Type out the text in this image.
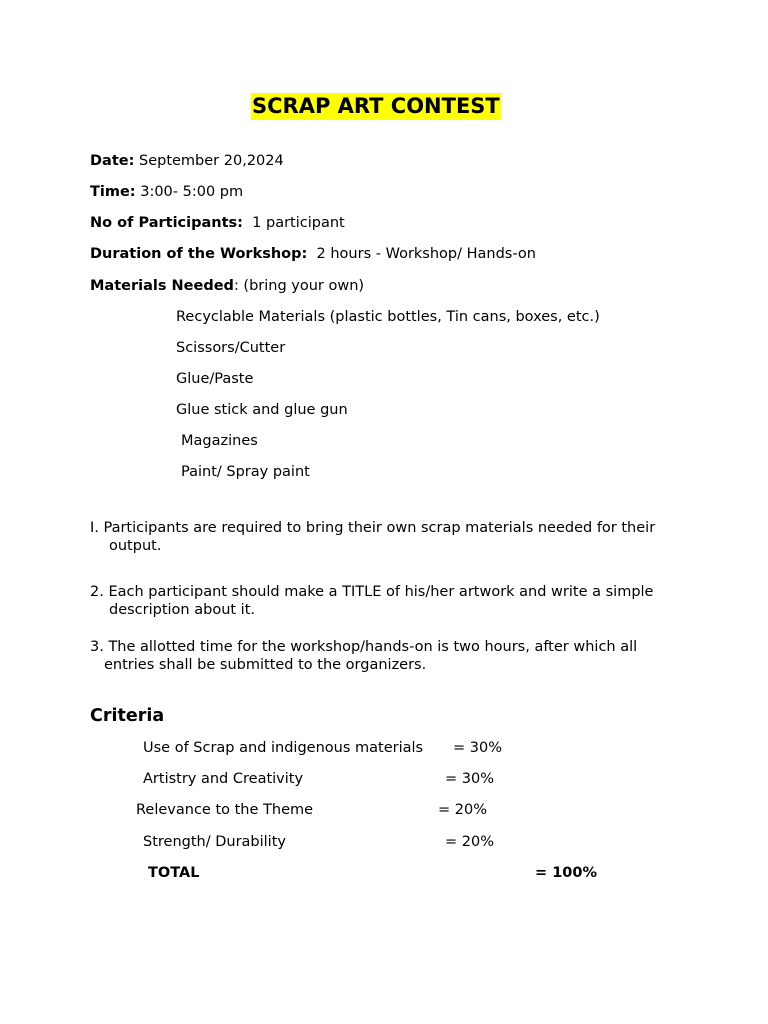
SCRAP ART CONTEST
Date: September 20,2024
Time: 3:00- 5:00 pm
No of Participants:  1 participant
Duration of the Workshop:  2 hours - Workshop/ Hands-on
Materials Needed: (bring your own)
Recyclable Materials (plastic bottles, Tin cans, boxes, etc.)
Scissors/Cutter
Glue/Paste
Glue stick and glue gun
Magazines
Paint/ Spray paint
I. Participants are required to bring their own scrap materials needed for their
output.
2. Each participant should make a TITLE of his/her artwork and write a simple
description about it.
3. The allotted time for the workshop/hands-on is two hours, after which all
entries shall be submitted to the organizers.
Criteria
Use of Scrap and indigenous materials = 30%
Artistry and Creativity	= 30%
Relevance to the Theme	= 20%
Strength/ Durability	= 20%
TOTAL	= 100%
